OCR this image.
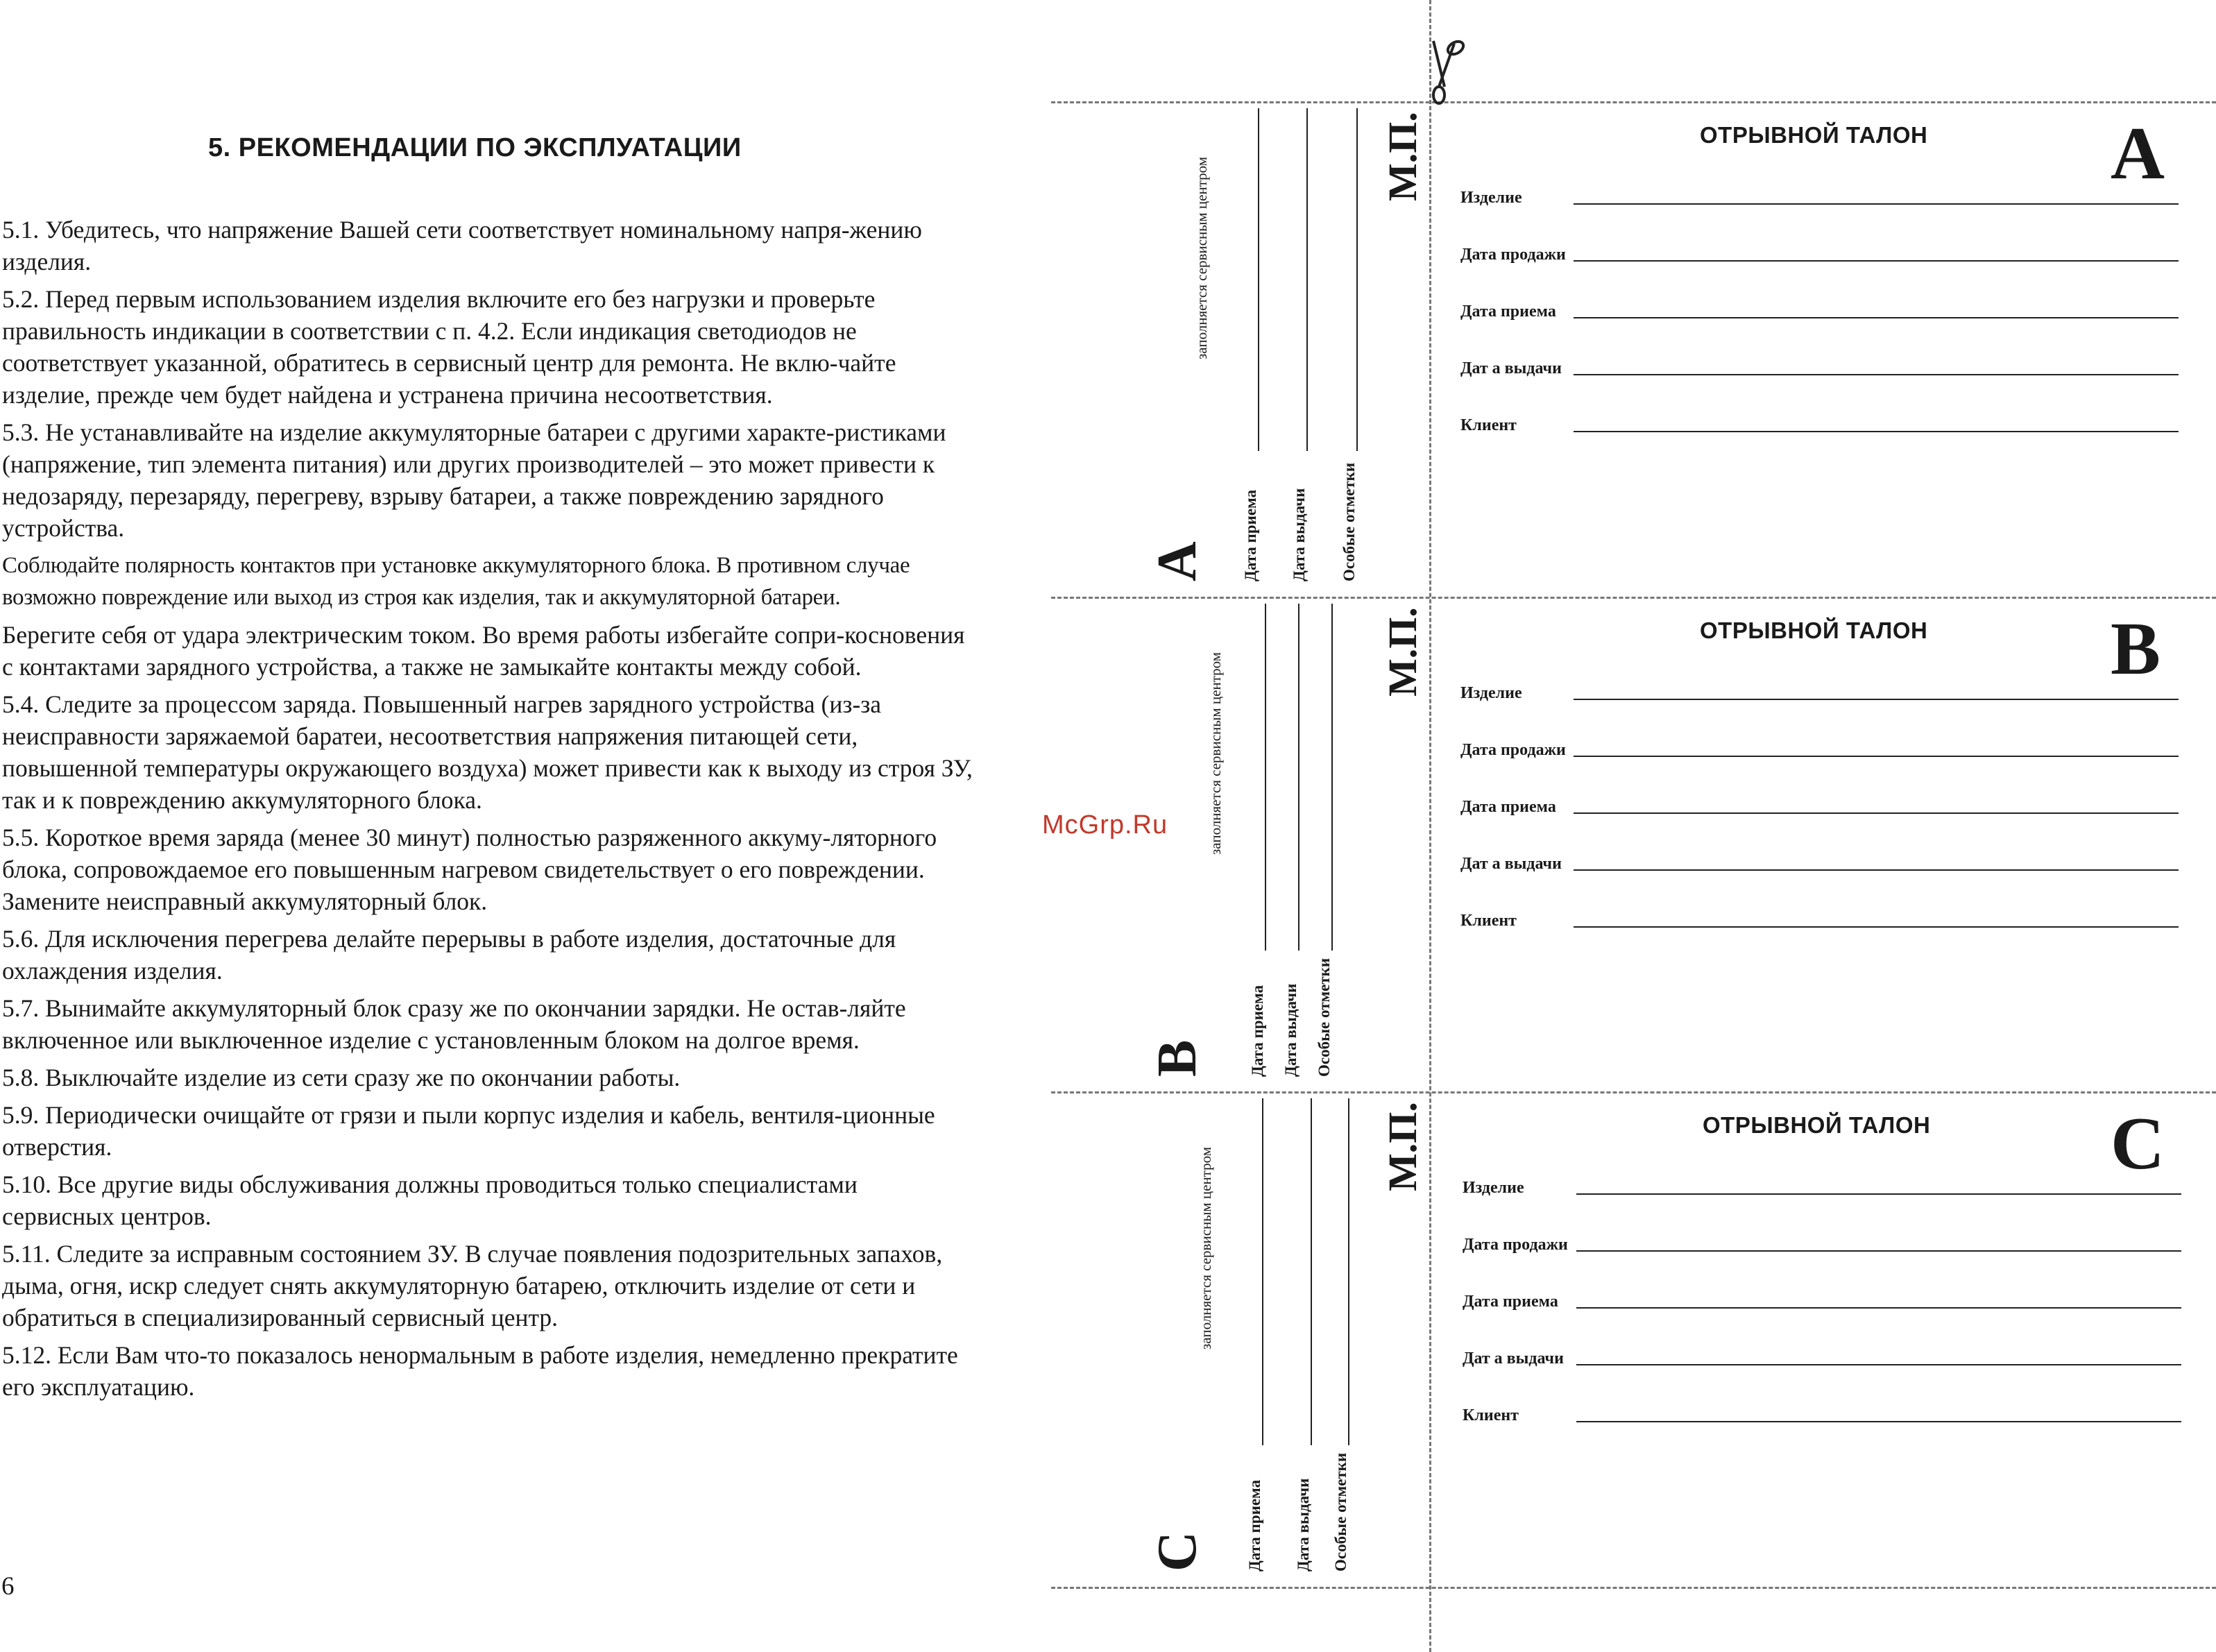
5. РЕКОМЕНДАЦИИ ПО ЭКСПЛУАТАЦИИ

5.1. Убедитесь, что напряжение Вашей сети соответствует номинальному напря-жению изделия.

5.2. Перед первым использованием изделия включите его без нагрузки и проверьте правильность индикации в соответствии с п. 4.2. Если индикация светодиодов не соответствует указанной, обратитесь в сервисный центр для ремонта. Не вклю-чайте изделие, прежде чем будет найдена и устранена причина несоответствия.

5.3. Не устанавливайте на изделие аккумуляторные батареи с другими характе-ристиками (напряжение, тип элемента питания) или других производителей – это может привести к недозаряду, перезаряду, перегреву, взрыву батареи, а также повреждению зарядного устройства.

Соблюдайте полярность контактов при установке аккумуляторного блока. В противном случае возможно повреждение или выход из строя как изделия, так и аккумуляторной батареи.

Берегите себя от удара электрическим током. Во время работы избегайте сопри-косновения с контактами зарядного устройства, а также не замыкайте контакты между собой.

5.4. Следите за процессом заряда. Повышенный нагрев зарядного устройства (из-за неисправности заряжаемой баратеи, несоответствия напряжения питающей сети, повышенной температуры окружающего воздуха) может привести как к выходу из строя ЗУ, так и к повреждению аккумуляторного блока.

5.5. Короткое время заряда (менее 30 минут) полностью разряженного аккуму-ляторного блока, сопровождаемое его повышенным нагревом свидетельствует о его повреждении. Замените неисправный аккумуляторный блок.

5.6. Для исключения перегрева делайте перерывы в работе изделия, достаточные для охлаждения изделия.

5.7. Вынимайте аккумуляторный блок сразу же по окончании зарядки. Не остав-ляйте включенное или выключенное изделие с установленным блоком на долгое время.

5.8. Выключайте изделие из сети сразу же по окончании работы.

5.9. Периодически очищайте от грязи и пыли корпус изделия и кабель, вентиля-ционные отверстия.

5.10. Все другие виды обслуживания должны проводиться только специалистами сервисных центров.

5.11. Следите за исправным состоянием ЗУ. В случае появления подозрительных запахов, дыма, огня, искр следует снять аккумуляторную батарею, отключить изделие от сети и обратиться в специализированный сервисный центр.

5.12. Если Вам что-то показалось ненормальным в работе изделия, немедленно прекратите его эксплуатацию.

6
McGrp.Ru
A
заполняется сервисным центром
Дата приема Дата выдачи Особые отметки
М.П.	ОТРЫВНОЙ ТАЛОН A
Изделие
Дата продажи
Дата приема
Дат а выдачи
Клиент
B
заполняется сервисным центром
Дата приема Дата выдачи Особые отметки
М.П.	ОТРЫВНОЙ ТАЛОН B
Изделие
Дата продажи
Дата приема
Дат а выдачи
Клиент
C
заполняется сервисным центром
Дата приема Дата выдачи Особые отметки
М.П.	ОТРЫВНОЙ ТАЛОН C
Изделие
Дата продажи
Дата приема
Дат а выдачи
Клиент
